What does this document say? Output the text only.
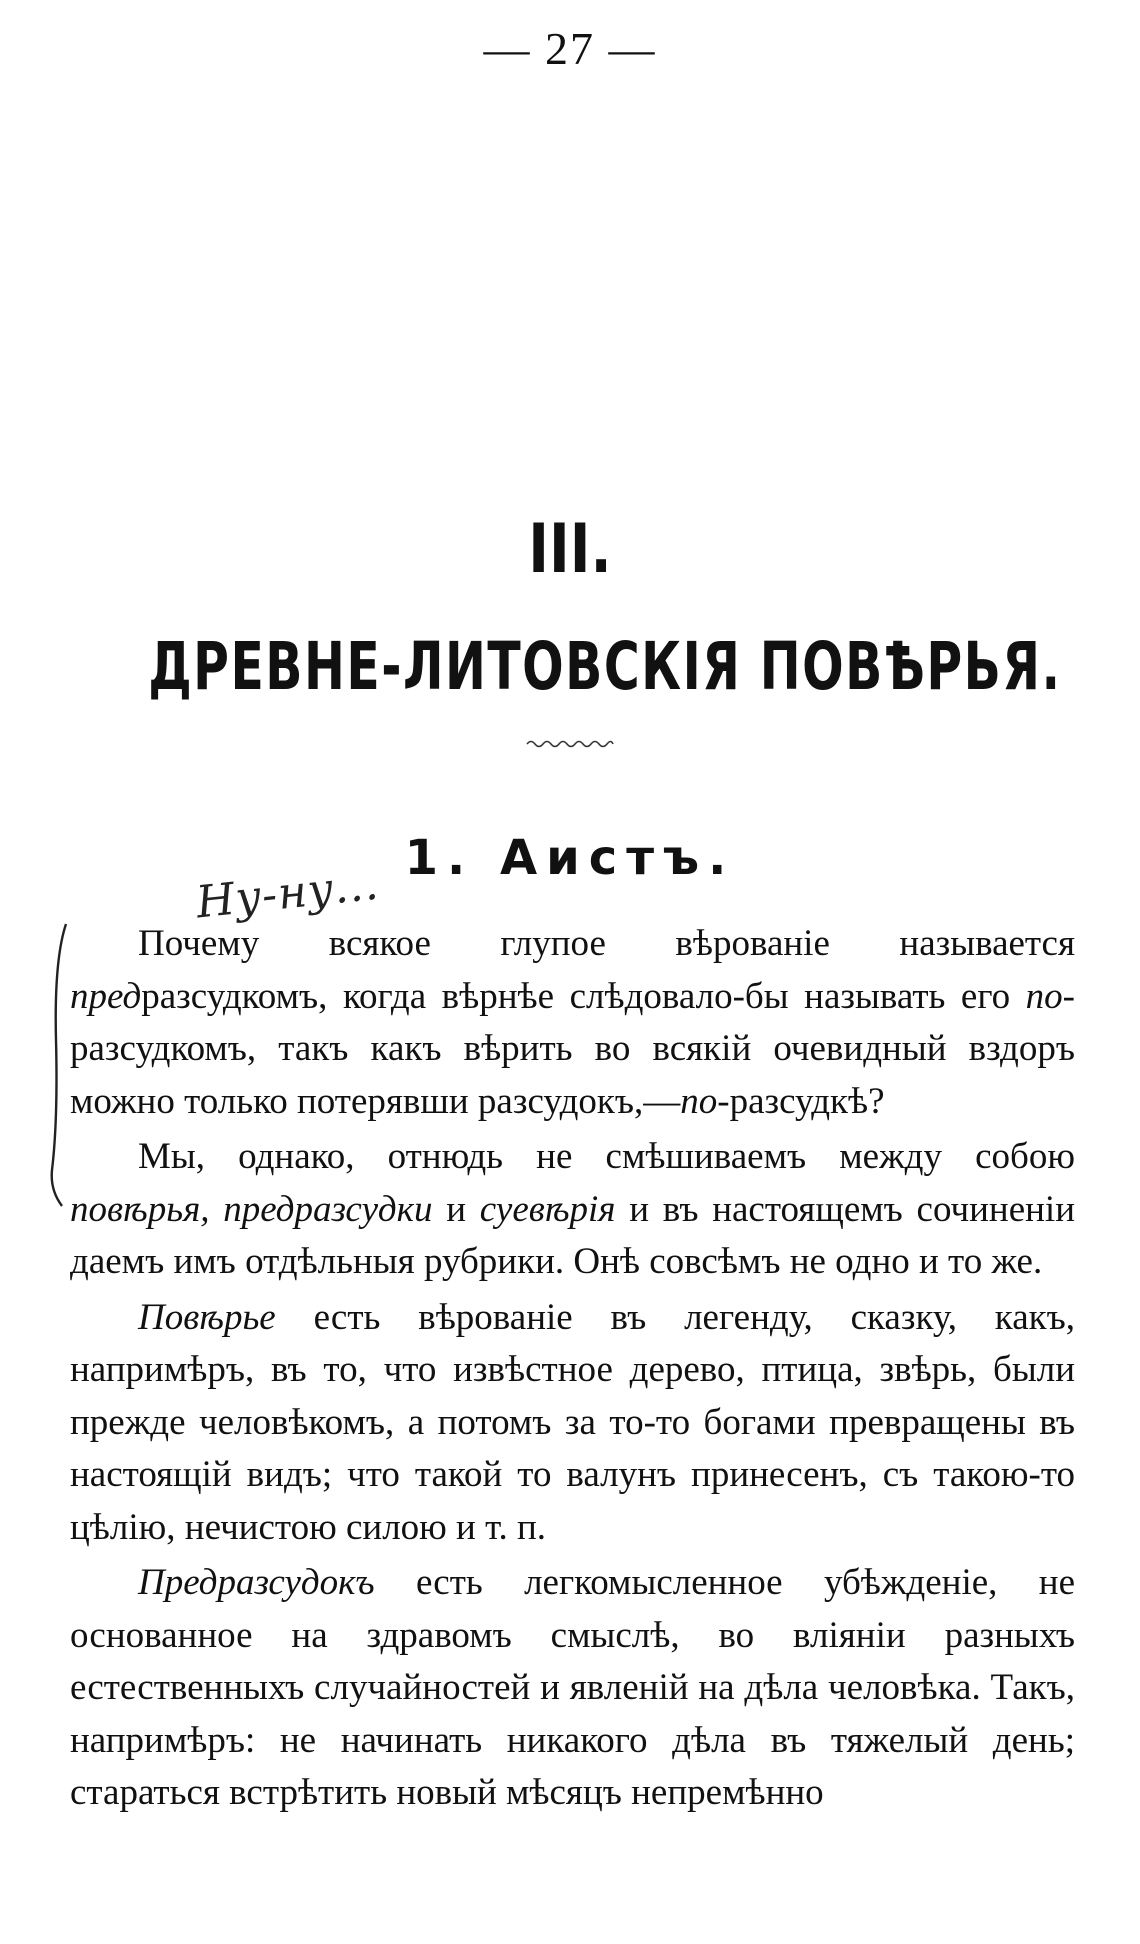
— 27 —
III.
ДРЕВНЕ-ЛИТОВСКІЯ ПОВѢРЬЯ.
1. Аистъ.
Ну-ну...

Почему всякое глупое вѣрованіе называется предразсудкомъ, когда вѣрнѣе слѣдовало-бы называть его по-разсудкомъ, такъ какъ вѣрить во всякій очевидный вздоръ можно только потерявши разсудокъ,—по-разсудкѣ?

Мы, однако, отнюдь не смѣшиваемъ между собою повѣрья, предразсудки и суевѣрія и въ настоящемъ сочиненіи даемъ имъ отдѣльныя рубрики. Онѣ совсѣмъ не одно и то же.

Повѣрье есть вѣрованіе въ легенду, сказку, какъ, напримѣръ, въ то, что извѣстное дерево, птица, звѣрь, были прежде человѣкомъ, а потомъ за то-то богами превращены въ настоящій видъ; что такой то валунъ принесенъ, съ такою-то цѣлію, нечистою силою и т. п.

Предразсудокъ есть легкомысленное убѣжденіе, не основанное на здравомъ смыслѣ, во вліяніи разныхъ естественныхъ случайностей и явленій на дѣла человѣка. Такъ, напримѣръ: не начинать никакого дѣла въ тяжелый день; стараться встрѣтить новый мѣсяцъ непремѣнно
